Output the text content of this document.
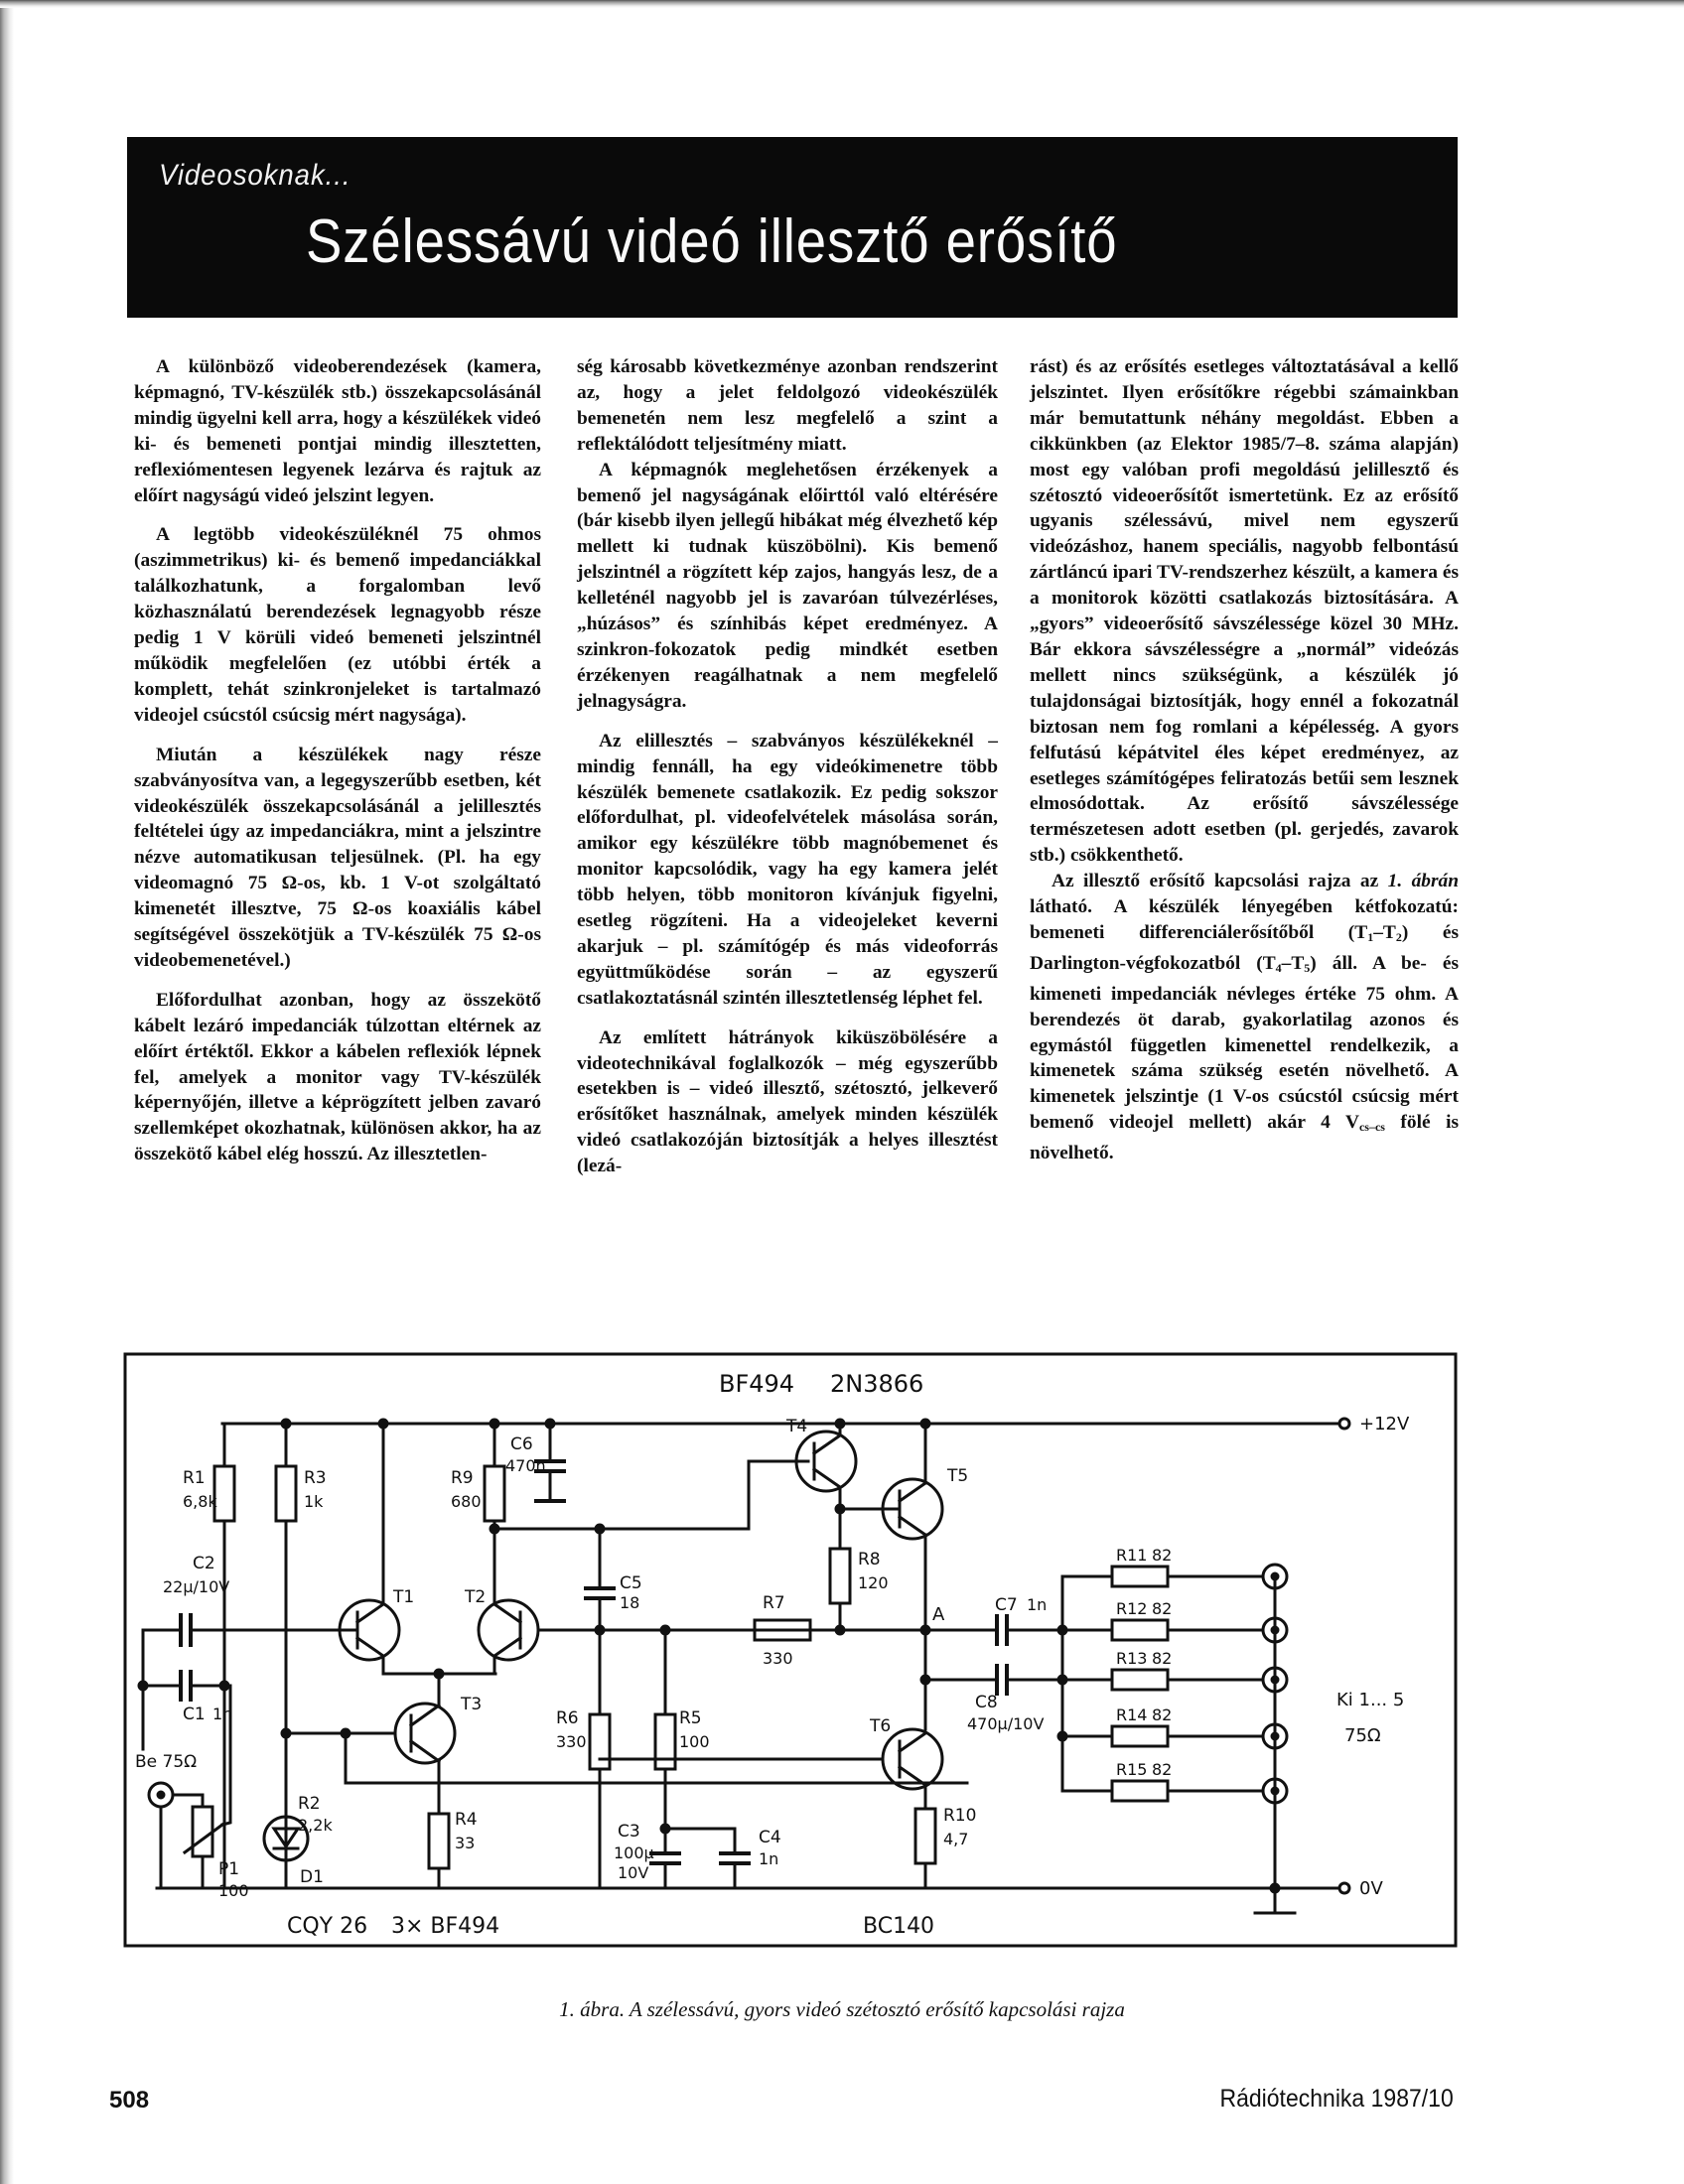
Videosoknak...
Szélessávú videó illesztő erősítő

A különböző videoberendezések (kamera, képmagnó, TV-készülék stb.) összekapcsolásánál mindig ügyelni kell arra, hogy a készülékek videó ki- és bemeneti pontjai mindig illesztetten, reflexiómentesen legyenek lezárva és rajtuk az előírt nagyságú videó jelszint legyen.

A legtöbb videokészüléknél 75 ohmos (aszimmetrikus) ki- és bemenő impedanciákkal találkozhatunk, a forgalomban levő közhasználatú berendezések legnagyobb része pedig 1 V körüli videó bemeneti jelszintnél működik megfelelően (ez utóbbi érték a komplett, tehát szinkronjeleket is tartalmazó videojel csúcstól csúcsig mért nagysága).

Miután a készülékek nagy része szabványosítva van, a legegyszerűbb esetben, két videokészülék összekapcsolásánál a jelillesztés feltételei úgy az impedanciákra, mint a jelszintre nézve automatikusan teljesülnek. (Pl. ha egy videomagnó 75 Ω-os, kb. 1 V-ot szolgáltató kimenetét illesztve, 75 Ω-os koaxiális kábel segítségével összekötjük a TV-készülék 75 Ω-os videobemenetével.)

Előfordulhat azonban, hogy az összekötő kábelt lezáró impedanciák túlzottan eltérnek az előírt értéktől. Ekkor a kábelen reflexiók lépnek fel, amelyek a monitor vagy TV-készülék képernyőjén, illetve a képrögzített jelben zavaró szellemképet okozhatnak, különösen akkor, ha az összekötő kábel elég hosszú. Az illesztetlen-

ség károsabb következménye azonban rendszerint az, hogy a jelet feldolgozó videokészülék bemenetén nem lesz megfelelő a szint a reflektálódott teljesítmény miatt.

A képmagnók meglehetősen érzékenyek a bemenő jel nagyságának előirttól való eltérésére (bár kisebb ilyen jellegű hibákat még élvezhető kép mellett ki tudnak küszöbölni). Kis bemenő jelszintnél a rögzített kép zajos, hangyás lesz, de a kelleténél nagyobb jel is zavaróan túlvezérléses, „húzásos” és színhibás képet eredményez. A szinkron-fokozatok pedig mindkét esetben érzékenyen reagálhatnak a nem megfelelő jelnagyságra.

Az elillesztés – szabványos készülékeknél – mindig fennáll, ha egy videókimenetre több készülék bemenete csatlakozik. Ez pedig sokszor előfordulhat, pl. videofelvételek másolása során, amikor egy készülékre több magnóbemenet és monitor kapcsolódik, vagy ha egy kamera jelét több helyen, több monitoron kívánjuk figyelni, esetleg rögzíteni. Ha a videojeleket keverni akarjuk – pl. számítógép és más videoforrás együttműködése során – az egyszerű csatlakoztatásnál szintén illesztetlenség léphet fel.

Az említett hátrányok kiküszöbölésére a videotechnikával foglalkozók – még egyszerűbb esetekben is – videó illesztő, szétosztó, jelkeverő erősítőket használnak, amelyek minden készülék videó csatlakozóján biztosítják a helyes illesztést (lezá-

rást) és az erősítés esetleges változtatásával a kellő jelszintet. Ilyen erősítőkre régebbi számainkban már bemutattunk néhány megoldást. Ebben a cikkünkben (az Elektor 1985/7–8. száma alapján) most egy valóban profi megoldású jelillesztő és szétosztó videoerősítőt ismertetünk. Ez az erősítő ugyanis szélessávú, mivel nem egyszerű videózáshoz, hanem speciális, nagyobb felbontású zártláncú ipari TV-rendszerhez készült, a kamera és a monitorok közötti csatlakozás biztosítására. A „gyors” videoerősítő sávszélessége közel 30 MHz. Bár ekkora sávszélességre a „normál” videózás mellett nincs szükségünk, a készülék jó tulajdonságai biztosítják, hogy ennél a fokozatnál biztosan nem fog romlani a képélesség. A gyors felfutású képátvitel éles képet eredményez, az esetleges számítógépes feliratozás betűi sem lesznek elmosódottak. Az erősítő sávszélessége természetesen adott esetben (pl. gerjedés, zavarok stb.) csökkenthető.

Az illesztő erősítő kapcsolási rajza az 1. ábrán látható. A készülék lényegében kétfokozatú: bemeneti differenciálerősítőből $(T_1-T_2)$ és Darlington-végfokozatból $(T_4-T_5)$ áll. A be- és kimeneti impedanciák névleges értéke 75 ohm. A berendezés öt darab, gyakorlatilag azonos és egymástól független kimenettel rendelkezik, a kimenetek száma szükség esetén növelhető. A kimenetek jelszintje (1 V-os csúcstól csúcsig mért bemenő videojel mellett) akár 4 $V_{cs-cs}$ fölé is növelhető.

BF494 2N3866
+12V
0V
Be 75Ω
Ki 1... 5
75Ω
A
CQY 26 3× BF494	BC140
R1
6,8k
R3
1k
R9
680
R2
2,2k	R4
33
R6
330
R5
100
R7
330
R8
120
R10
4,7
P1
100
C1 1n
C2
22µ/10V
C6
470n
C5
18
C3
100µ
10V
C4
1n
C7 1n
C8
470µ/10V
T1	T2
T3
T4
T5
T6
D1
R11 82
R12 82
R13 82
R14 82
R15 82
1. ábra. A szélessávú, gyors videó szétosztó erősítő kapcsolási rajza
508	Rádiótechnika 1987/10
